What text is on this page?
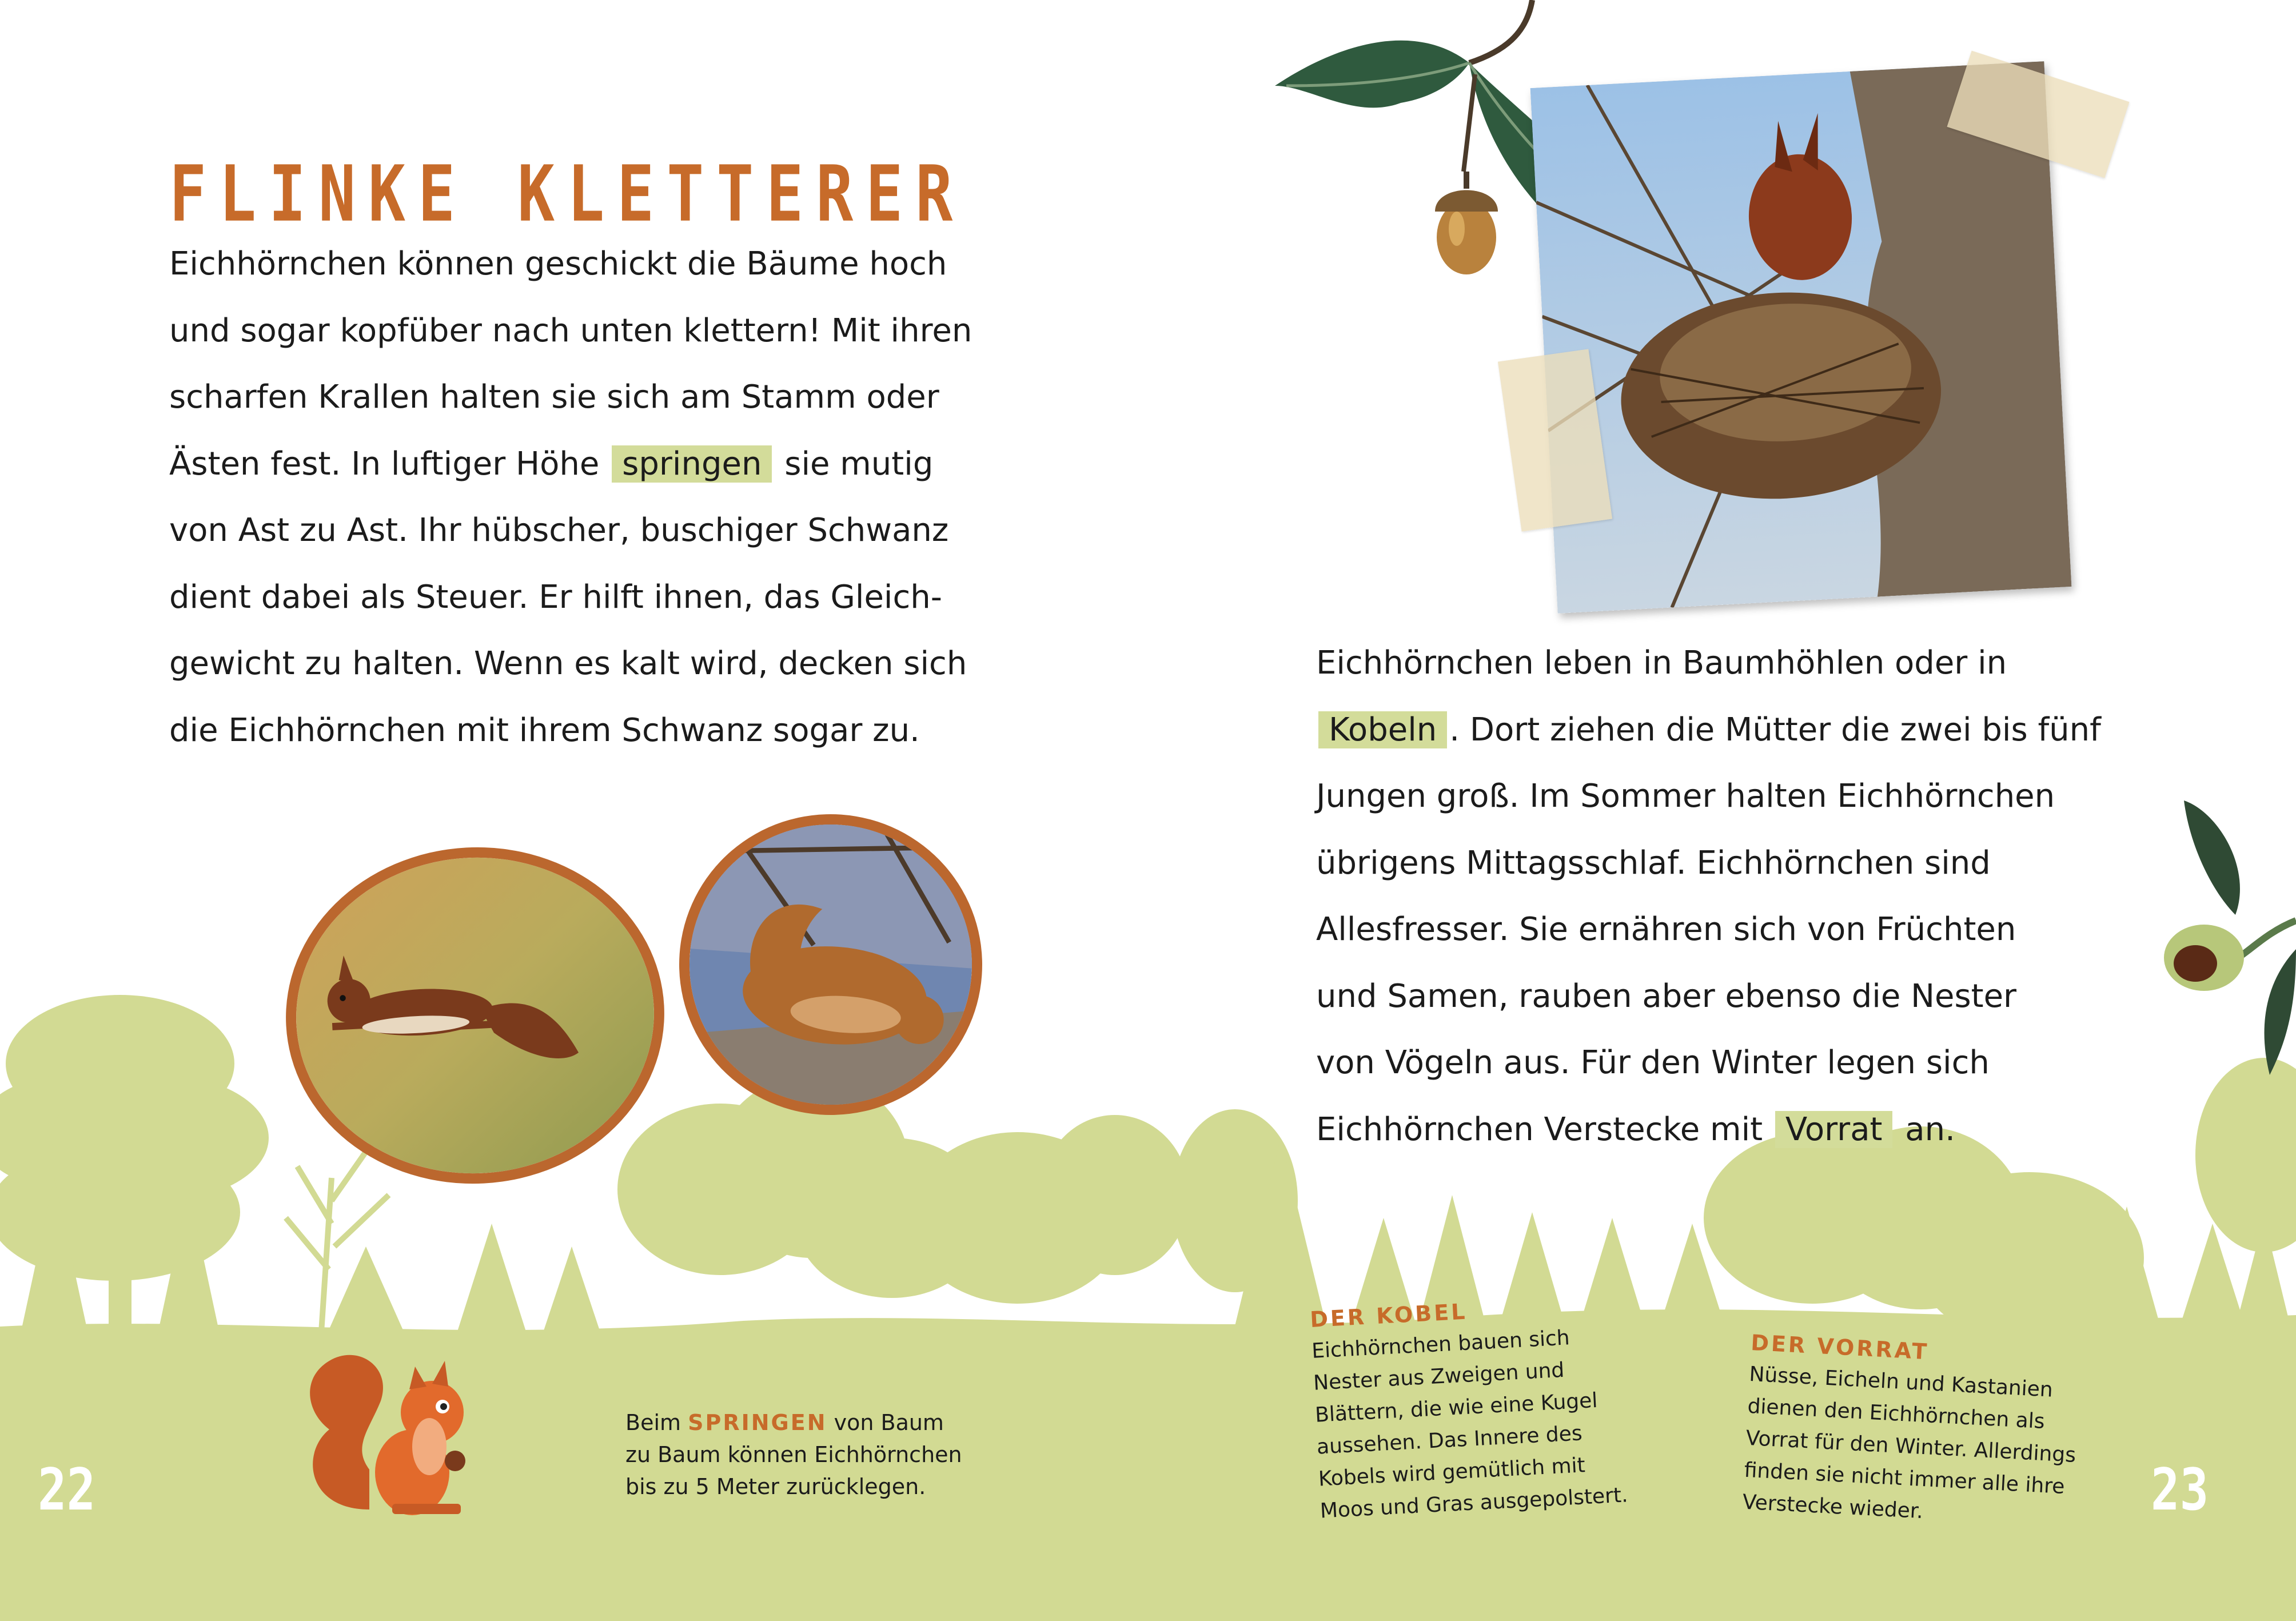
FLINKE KLETTERER
Eichhörnchen können geschickt die Bäume hoch
und sogar kopfüber nach unten klettern! Mit ihren
scharfen Krallen halten sie sich am Stamm oder
Ästen fest. In luftiger Höhe springen sie mutig
von Ast zu Ast. Ihr hübscher, buschiger Schwanz
dient dabei als Steuer. Er hilft ihnen, das Gleich-
gewicht zu halten. Wenn es kalt wird, decken sich
die Eichhörnchen mit ihrem Schwanz sogar zu.
Beim SPRINGEN von Baum
zu Baum können Eichhörnchen
bis zu 5 Meter zurücklegen.
22
Eichhörnchen leben in Baumhöhlen oder in
Kobeln . Dort ziehen die Mütter die zwei bis fünf
Jungen groß. Im Sommer halten Eichhörnchen
übrigens Mittagsschlaf. Eichhörnchen sind
Allesfresser. Sie ernähren sich von Früchten
und Samen, rauben aber ebenso die Nester
von Vögeln aus. Für den Winter legen sich
Eichhörnchen Verstecke mit Vorrat an.
DER KOBEL
Eichhörnchen bauen sich
Nester aus Zweigen und
Blättern, die wie eine Kugel
aussehen. Das Innere des
Kobels wird gemütlich mit
Moos und Gras ausgepolstert.
DER VORRAT
Nüsse, Eicheln und Kastanien
dienen den Eichhörnchen als
Vorrat für den Winter. Allerdings
finden sie nicht immer alle ihre
Verstecke wieder.	23
